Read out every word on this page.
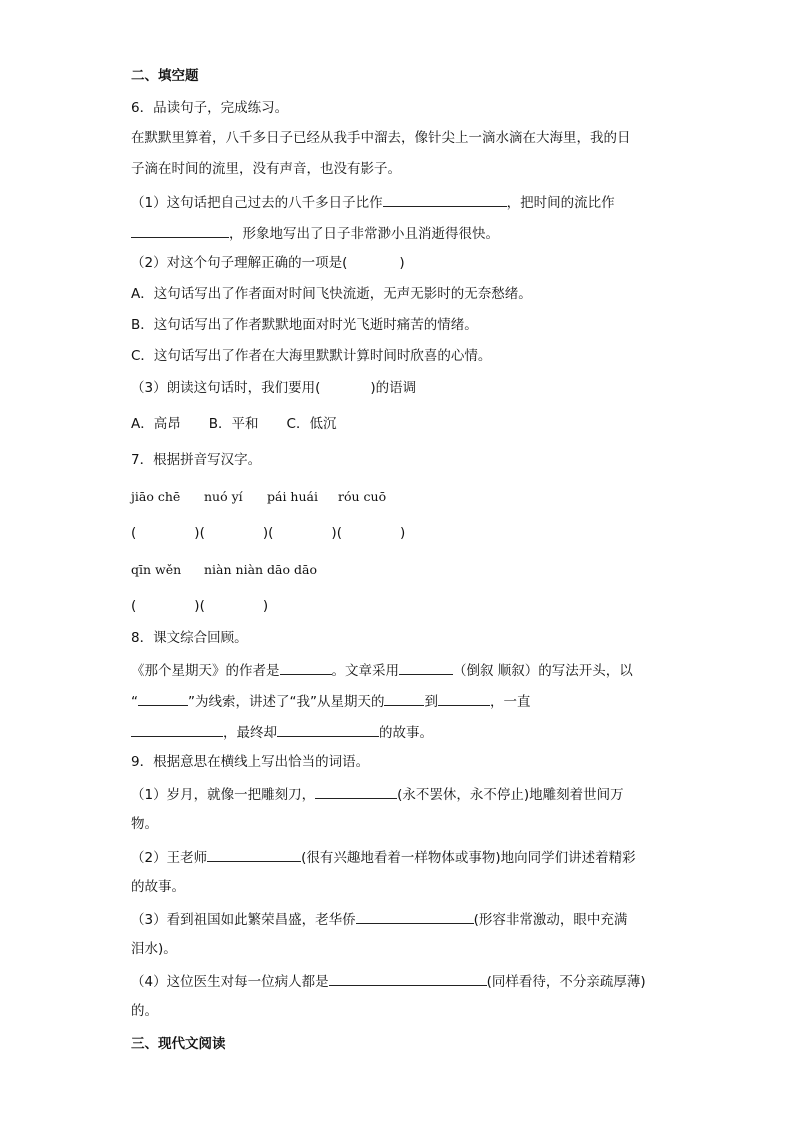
二、填空题
6．品读句子，完成练习。
在默默里算着，八千多日子已经从我手中溜去，像针尖上一滴水滴在大海里，我的日
子滴在时间的流里，没有声音，也没有影子。
（1）这句话把自己过去的八千多日子比作	，把时间的流比作
，形象地写出了日子非常渺小且消逝得很快。
（2）对这个句子理解正确的一项是(	)
A．这句话写出了作者面对时间飞快流逝，无声无影时的无奈愁绪。
B．这句话写出了作者默默地面对时光飞逝时痛苦的情绪。
C．这句话写出了作者在大海里默默计算时间时欣喜的心情。
（3）朗读这句话时，我们要用(	)的语调
A．高昂 B．平和 C．低沉
7．根据拼音写汉字。
jiāo chē nuó yí pái huái róu cuō
(	)(	)(	)(	)
qīn wěn niàn niàn dāo dāo
(	)(	)
8．课文综合回顾。
《那个星期天》的作者是	。文章采用	（倒叙 顺叙）的写法开头，以
“	”为线索，讲述了“我”从星期天的	到	，一直
，最终却	的故事。
9．根据意思在横线上写出恰当的词语。
（1）岁月，就像一把雕刻刀，	(永不罢休，永不停止)地雕刻着世间万
物。
（2）王老师	(很有兴趣地看着一样物体或事物)地向同学们讲述着精彩
的故事。
（3）看到祖国如此繁荣昌盛，老华侨	(形容非常激动，眼中充满
泪水)。
（4）这位医生对每一位病人都是	(同样看待，不分亲疏厚薄)
的。
三、现代文阅读
